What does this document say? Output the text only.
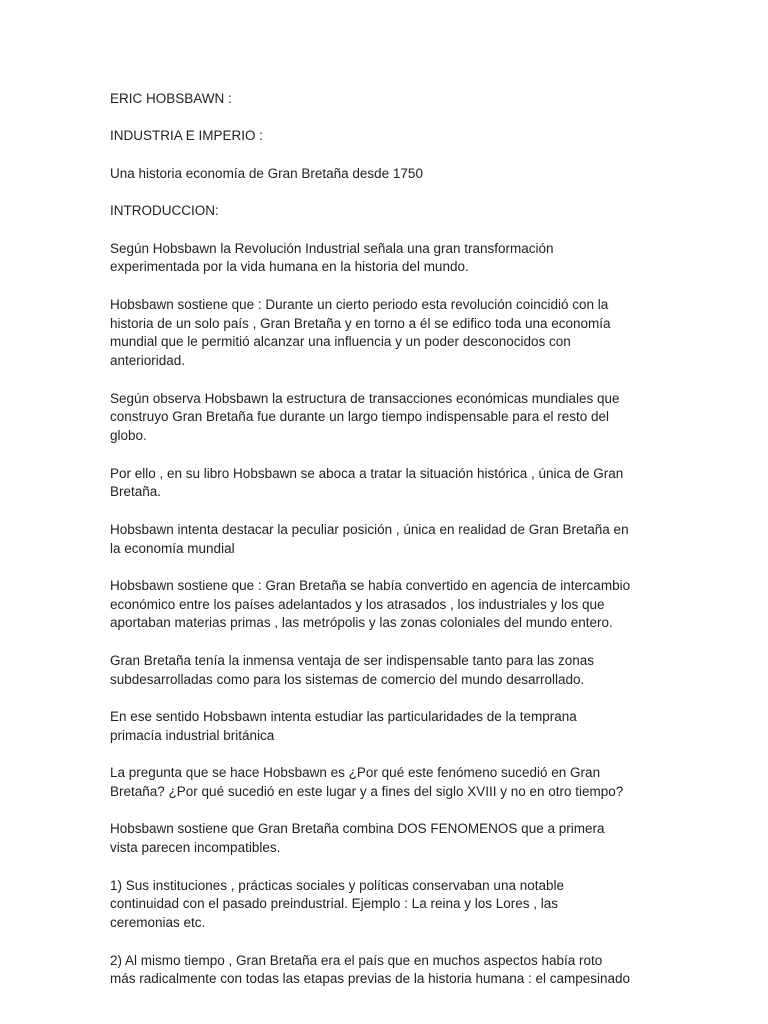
ERIC HOBSBAWN :

INDUSTRIA E IMPERIO :

Una historia economía de Gran Bretaña desde 1750

INTRODUCCION:

Según Hobsbawn la Revolución Industrial señala una gran transformación
experimentada por la vida humana en la historia del mundo.

Hobsbawn sostiene que : Durante un cierto periodo esta revolución coincidió con la
historia de un solo país , Gran Bretaña y en torno a él se edifico toda una economía
mundial que le permitió alcanzar una influencia y un poder desconocidos con
anterioridad.

Según observa Hobsbawn la estructura de transacciones económicas mundiales que
construyo Gran Bretaña fue durante un largo tiempo indispensable para el resto del
globo.

Por ello , en su libro Hobsbawn se aboca a tratar la situación histórica , única de Gran
Bretaña.

Hobsbawn intenta destacar la peculiar posición , única en realidad de Gran Bretaña en
la economía mundial

Hobsbawn sostiene que : Gran Bretaña se había convertido en agencia de intercambio
económico entre los países adelantados y los atrasados , los industriales y los que
aportaban materias primas , las metrópolis y las zonas coloniales del mundo entero.

Gran Bretaña tenía la inmensa ventaja de ser indispensable tanto para las zonas
subdesarrolladas como para los sistemas de comercio del mundo desarrollado.

En ese sentido Hobsbawn intenta estudiar las particularidades de la temprana
primacía industrial británica

La pregunta que se hace Hobsbawn es ¿Por qué este fenómeno sucedió en Gran
Bretaña? ¿Por qué sucedió en este lugar y a fines del siglo XVIII y no en otro tiempo?

Hobsbawn sostiene que Gran Bretaña combina DOS FENOMENOS que a primera
vista parecen incompatibles.

1) Sus instituciones , prácticas sociales y políticas conservaban una notable
continuidad con el pasado preindustrial. Ejemplo : La reina y los Lores , las
ceremonias etc.

2) Al mismo tiempo , Gran Bretaña era el país que en muchos aspectos había roto
más radicalmente con todas las etapas previas de la historia humana : el campesinado
